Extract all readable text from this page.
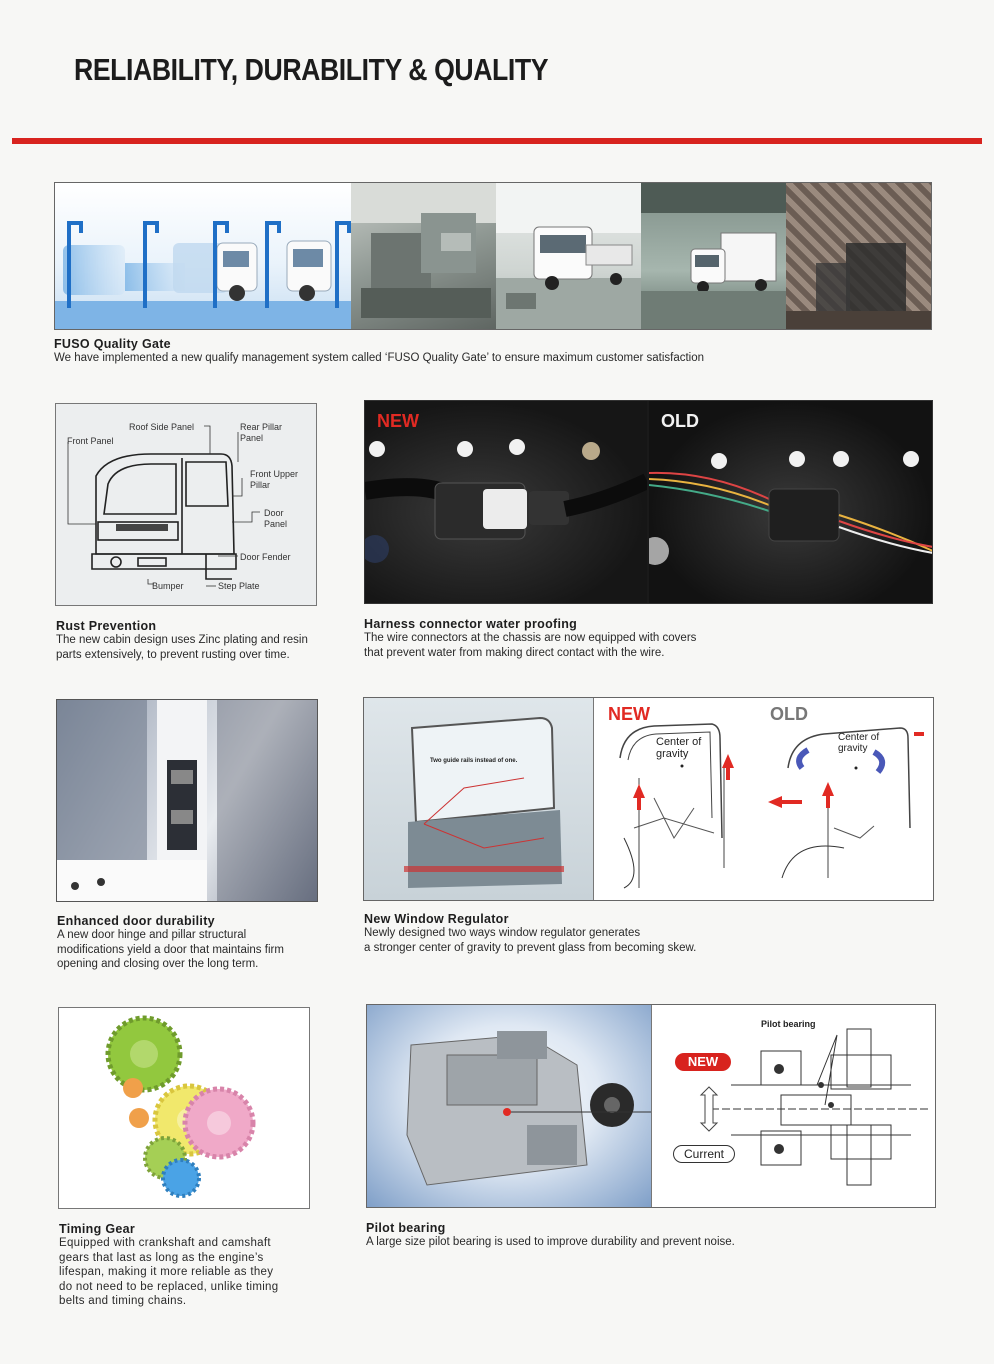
RELIABILITY, DURABILITY & QUALITY
FUSO Quality Gate
We have implemented a new qualify management system called ‘FUSO Quality Gate’ to ensure maximum customer satisfaction
Front Panel
Roof Side Panel	Rear Pillar
Panel
Front Upper
Pillar
Door
Panel
Door Fender
Bumper	Step Plate
Rust Prevention
The new cabin design uses Zinc plating and resin
parts extensively, to prevent rusting over time.
NEW	OLD
Harness connector water proofing
The wire connectors at the chassis are now equipped with covers
that prevent water from making direct contact with the wire.
Enhanced door durability
A new door hinge and pillar structural
modifications yield a door that maintains firm
opening and closing over the long term.
Two guide rails instead of one.
NEW
Center of
gravity
OLD
Center of
gravity
New Window Regulator
Newly designed two ways window regulator generates
a stronger center of gravity to prevent glass from becoming skew.
Timing Gear
Equipped with crankshaft and camshaft
gears that last as long as the engine’s
lifespan, making it more reliable as they
do not need to be replaced, unlike timing
belts and timing chains.
Pilot bearing
NEW
Current
Pilot bearing
A large size pilot bearing is used to improve durability and prevent noise.
